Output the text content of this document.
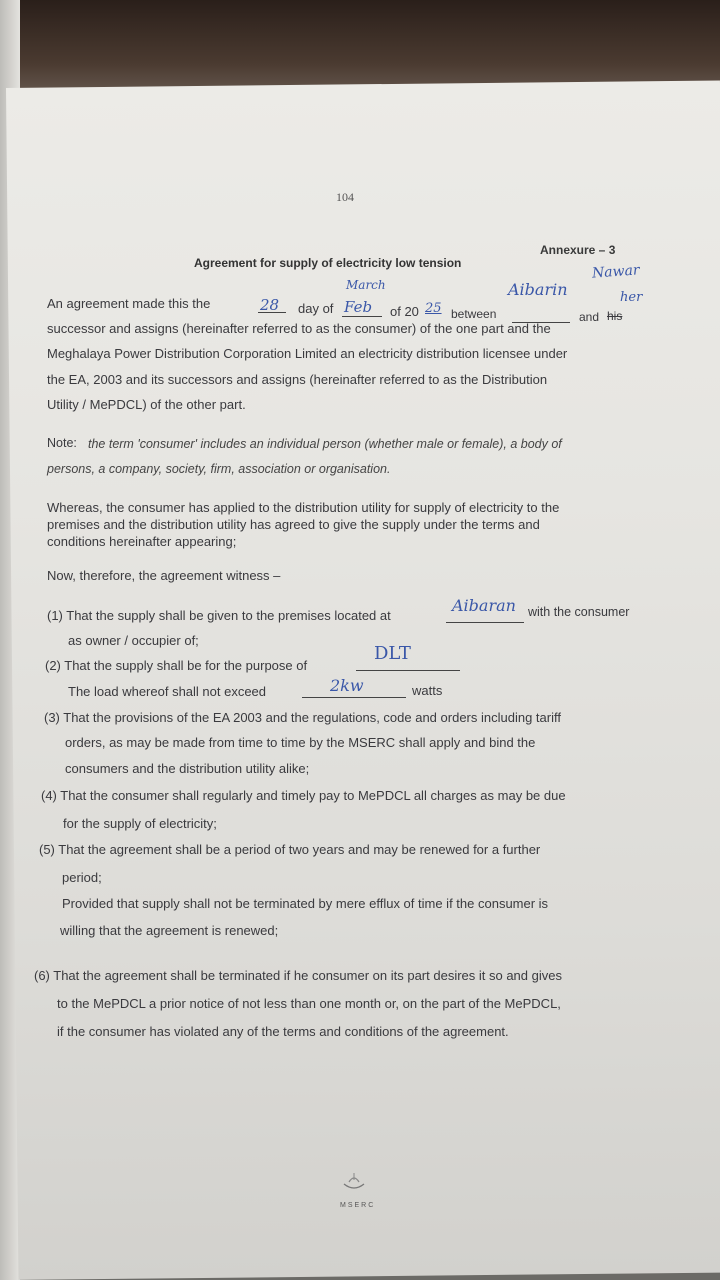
104
Annexure – 3
Agreement for supply of electricity low tension
An agreement made this the	28 day of Feb
March
of 20 25 between
Aibarin
Nawar
her
and his
successor and assigns (hereinafter referred to as the consumer) of the one part and the
Meghalaya Power Distribution Corporation Limited an electricity distribution licensee under
the EA, 2003 and its successors and assigns (hereinafter referred to as the Distribution
Utility / MePDCL) of the other part.
Note: the term 'consumer' includes an individual person (whether male or female), a body of
persons, a company, society, firm, association or organisation.
Whereas, the consumer has applied to the distribution utility for supply of electricity to the
premises and the distribution utility has agreed to give the supply under the terms and
conditions hereinafter appearing;
Now, therefore, the agreement witness –
(1) That the supply shall be given to the premises located at
Aibaran with the consumer
as owner / occupier of;
(2) That the supply shall be for the purpose of
DLT
The load whereof shall not exceed	2kw	watts
(3) That the provisions of the EA 2003 and the regulations, code and orders including tariff
orders, as may be made from time to time by the MSERC shall apply and bind the
consumers and the distribution utility alike;
(4) That the consumer shall regularly and timely pay to MePDCL all charges as may be due
for the supply of electricity;
(5) That the agreement shall be a period of two years and may be renewed for a further
period;
Provided that supply shall not be terminated by mere efflux of time if the consumer is
willing that the agreement is renewed;
(6) That the agreement shall be terminated if he consumer on its part desires it so and gives
to the MePDCL a prior notice of not less than one month or, on the part of the MePDCL,
if the consumer has violated any of the terms and conditions of the agreement.
MSERC
